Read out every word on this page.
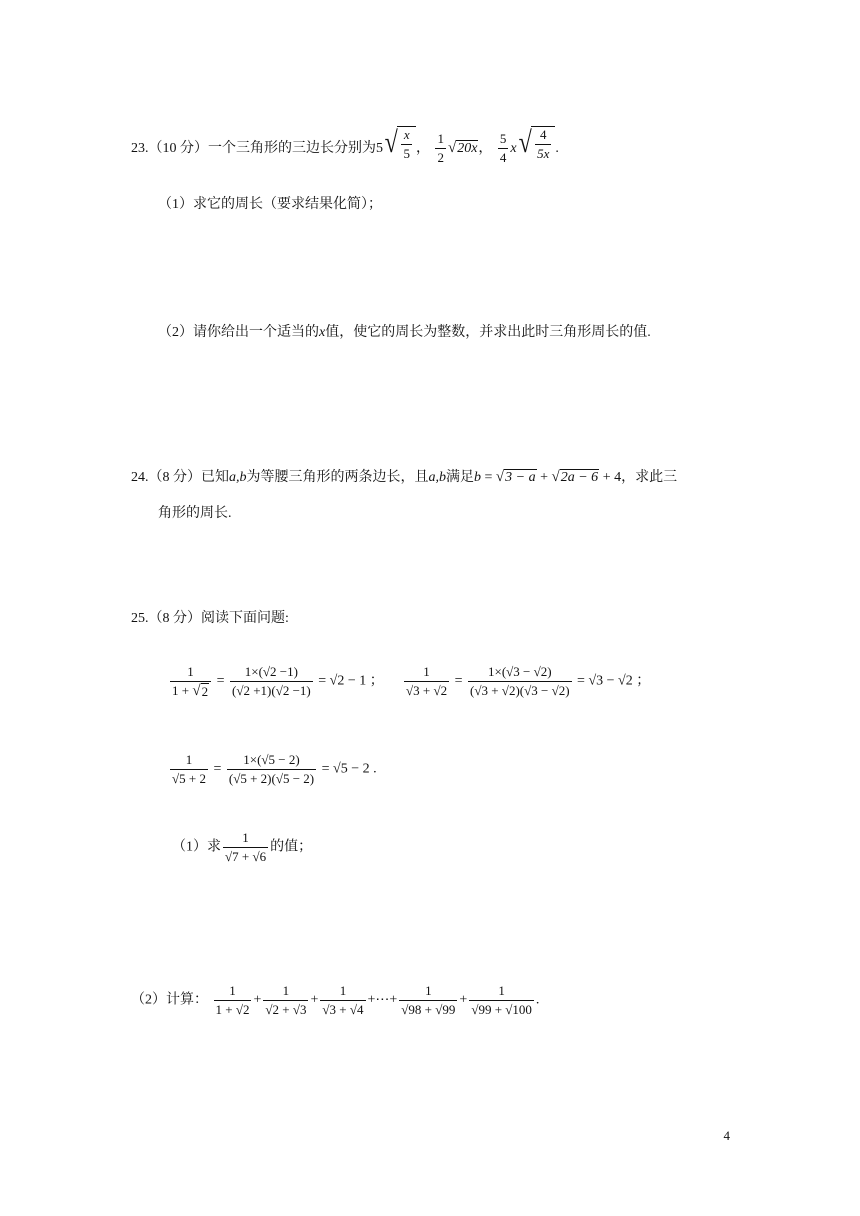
23.（10 分）一个三角形的三边长分别为5 √ $\frac{x}{5}$ ， $\frac{1}{2}$ √ 20x ， $\frac{5}{4}$ x √ $\frac{4}{5x}$ .
（1）求它的周长（要求结果化简）；
（2）请你给出一个适当的x值，使它的周长为整数，并求出此时三角形周长的值.
24.（8 分）已知a,b为等腰三角形的两条边长，且a,b满足b = √ 3 − a + √ 2a − 6 + 4，求此三
角形的周长.
25.（8 分）阅读下面问题:
$\frac{1}{1 + √ 2} = \frac{1\times(√2 -1)}{(√2 +1)(√2 -1)} = √2 - 1$ ； $\frac{1}{√3 + √2} = \frac{1\times(√3 - √2)}{(√3 + √2)(√3 - √2)} = √3 - √2$ ；
$\frac{1}{√5 + 2} = \frac{1\times(√5 - 2)}{(√5 + 2)(√5 - 2)} = √5 - 2$ .
（1）求 $\frac{1}{√7 + √6}$ 的值；
（2）计算： $\frac{1}{1 + √2} + \frac{1}{√2 + √3} + \frac{1}{√3 + √4}$ +⋯+ $\frac{1}{√98 + √99} + \frac{1}{√99 + √100}$ .
4
